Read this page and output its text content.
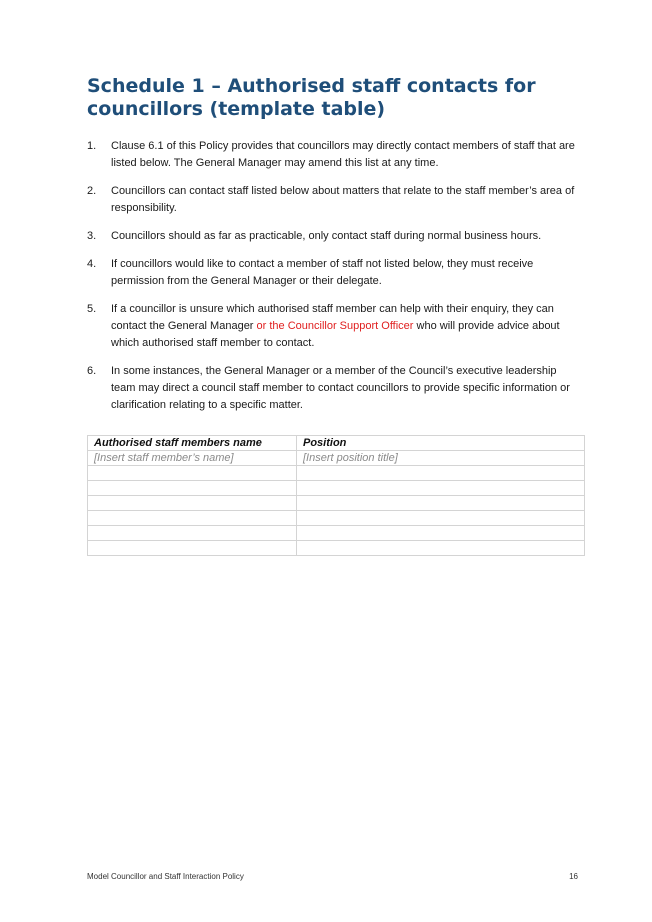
Schedule 1 – Authorised staff contacts for councillors (template table)
1. Clause 6.1 of this Policy provides that councillors may directly contact members of staff that are listed below. The General Manager may amend this list at any time.
2. Councillors can contact staff listed below about matters that relate to the staff member’s area of responsibility.
3. Councillors should as far as practicable, only contact staff during normal business hours.
4. If councillors would like to contact a member of staff not listed below, they must receive permission from the General Manager or their delegate.
5. If a councillor is unsure which authorised staff member can help with their enquiry, they can contact the General Manager or the Councillor Support Officer who will provide advice about which authorised staff member to contact.
6. In some instances, the General Manager or a member of the Council’s executive leadership team may direct a council staff member to contact councillors to provide specific information or clarification relating to a specific matter.
Authorised staff members name	Position
[Insert staff member’s name]	[Insert position title]

Model Councillor and Staff Interaction Policy	16
